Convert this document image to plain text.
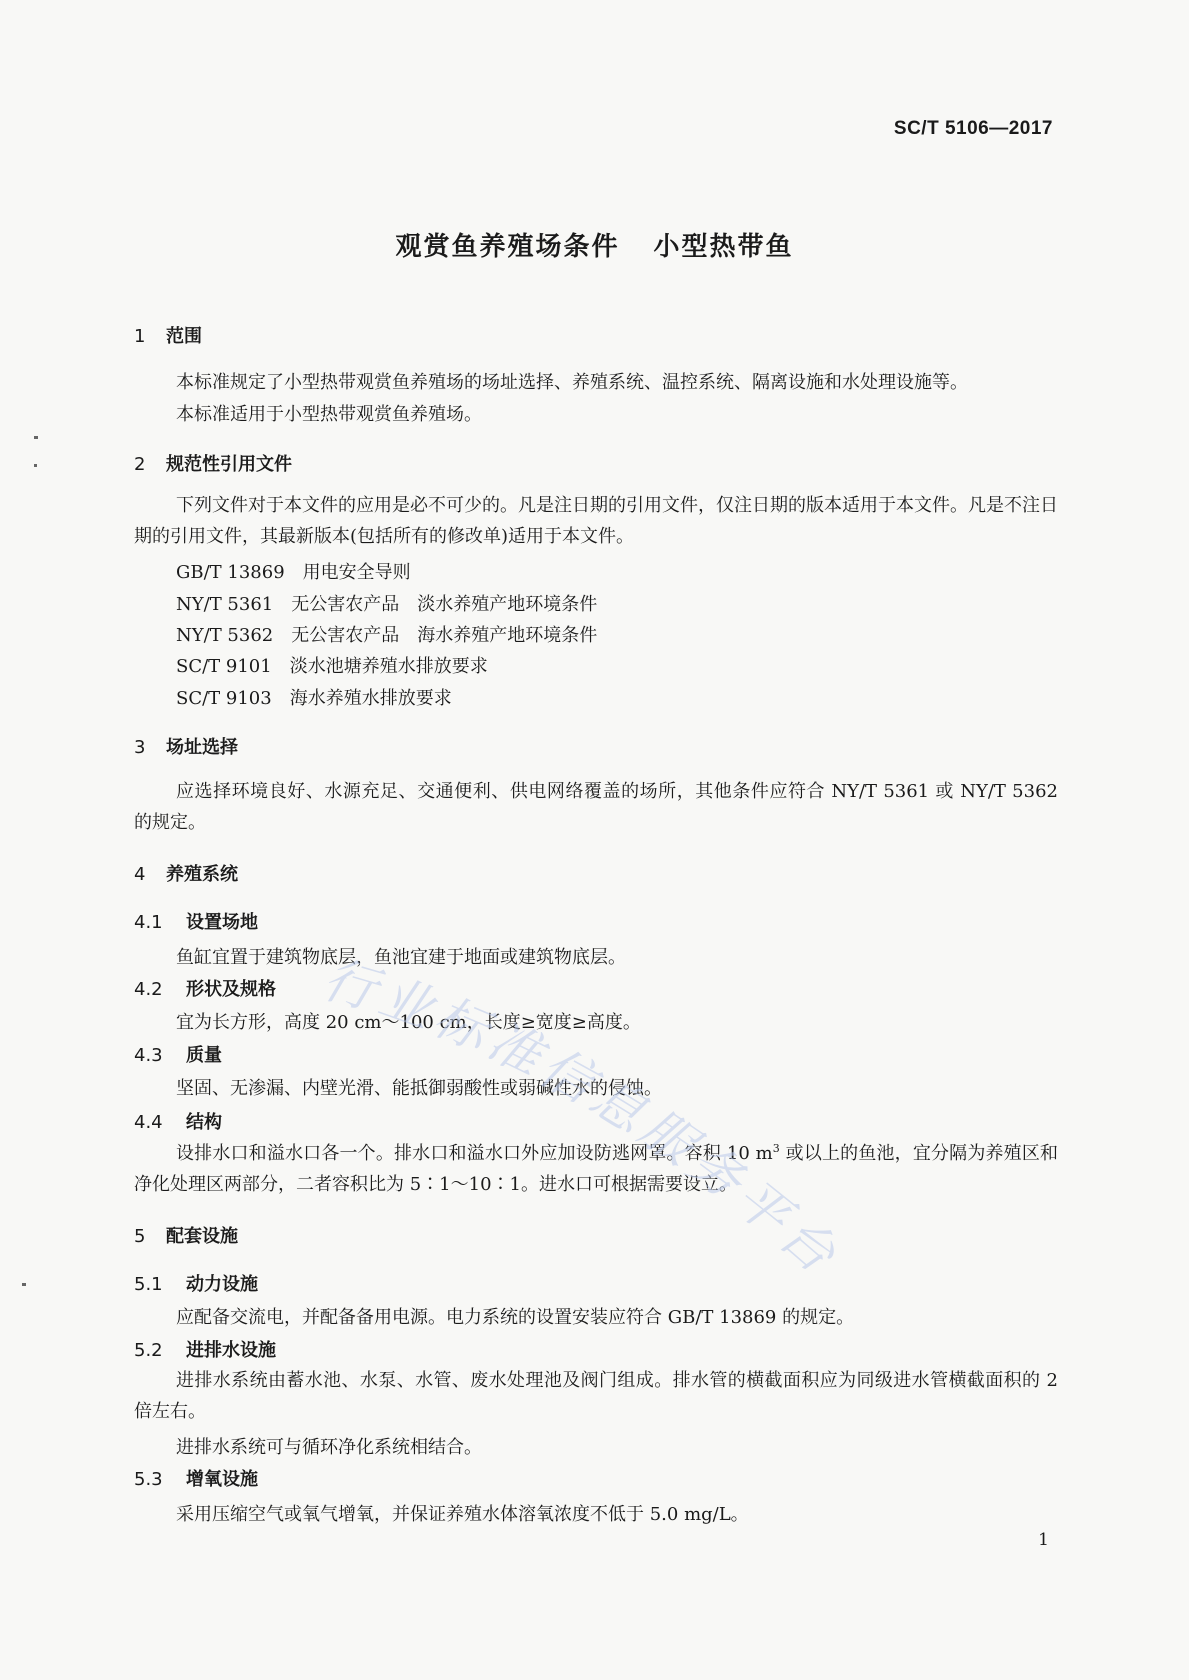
SC/T 5106—2017
观赏鱼养殖场条件 小型热带鱼
1 范围
本标准规定了小型热带观赏鱼养殖场的场址选择、养殖系统、温控系统、隔离设施和水处理设施等。
本标准适用于小型热带观赏鱼养殖场。
2 规范性引用文件
下列文件对于本文件的应用是必不可少的。凡是注日期的引用文件，仅注日期的版本适用于本文件。凡是不注日期的引用文件，其最新版本(包括所有的修改单)适用于本文件。
GB/T 13869 用电安全导则
NY/T 5361 无公害农产品　淡水养殖产地环境条件
NY/T 5362 无公害农产品　海水养殖产地环境条件
SC/T 9101 淡水池塘养殖水排放要求
SC/T 9103 海水养殖水排放要求
3 场址选择
应选择环境良好、水源充足、交通便利、供电网络覆盖的场所，其他条件应符合 NY/T 5361 或 NY/T 5362 的规定。
4 养殖系统
4.1 设置场地
鱼缸宜置于建筑物底层，鱼池宜建于地面或建筑物底层。
4.2 形状及规格
宜为长方形，高度 20 cm～100 cm，长度≥宽度≥高度。
4.3 质量
坚固、无渗漏、内壁光滑、能抵御弱酸性或弱碱性水的侵蚀。
4.4 结构
设排水口和溢水口各一个。排水口和溢水口外应加设防逃网罩。容积 10 $m^3$ 或以上的鱼池，宜分隔为养殖区和净化处理区两部分，二者容积比为 5∶1～10∶1。进水口可根据需要设立。
5 配套设施
5.1 动力设施
应配备交流电，并配备备用电源。电力系统的设置安装应符合 GB/T 13869 的规定。
5.2 进排水设施
进排水系统由蓄水池、水泵、水管、废水处理池及阀门组成。排水管的横截面积应为同级进水管横截面积的 2 倍左右。
进排水系统可与循环净化系统相结合。
5.3 增氧设施
采用压缩空气或氧气增氧，并保证养殖水体溶氧浓度不低于 5.0 mg/L。
1
行业标准信息服务平台
